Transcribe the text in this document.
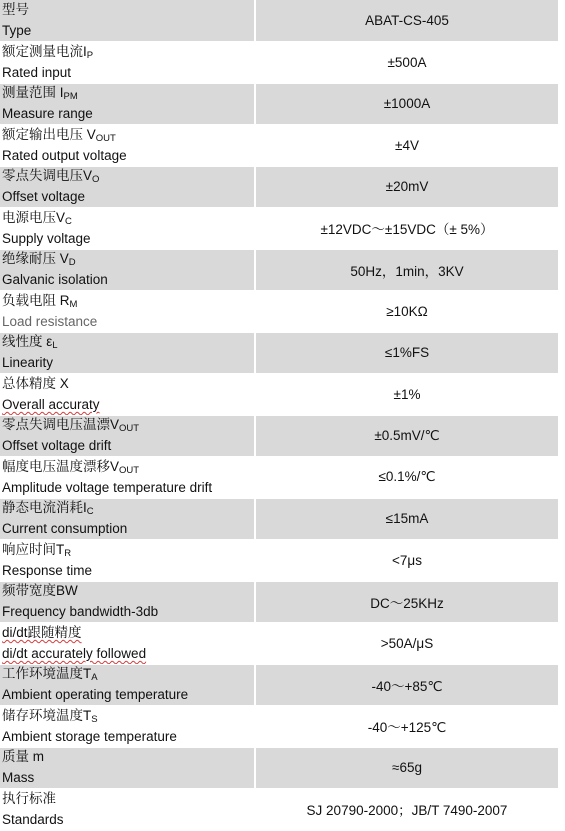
型号
Type	ABAT-CS-405

额定测量电流$I_P$
Rated input	±500A

测量范围 $I_{PM}$
Measure range	±1000A

额定输出电压 $V_{OUT}$
Rated output voltage	±4V

零点失调电压$V_O$
Offset voltage	±20mV

电源电压$V_C$
Supply voltage	±12VDC～±15VDC（± 5%）

绝缘耐压 $V_D$
Galvanic isolation	50Hz，1min，3KV

负载电阻 $R_M$
Load resistance	≥10KΩ

线性度 $\varepsilon_L$
Linearity	≤1%FS

总体精度 X
Overall accuraty	±1%

零点失调电压温漂$V_{OUT}$
Offset voltage drift	±0.5mV/℃

幅度电压温度漂移$V_{OUT}$
Amplitude voltage temperature drift	≤0.1%/℃

静态电流消耗$I_C$
Current consumption	≤15mA

响应时间$T_R$
Response time	<7μs

频带宽度BW
Frequency bandwidth-3db	DC～25KHz

di/dt跟随精度
di/dt accurately followed	>50A/μS

工作环境温度$T_A$
Ambient operating temperature	-40～+85℃

储存环境温度$T_S$
Ambient storage temperature	-40～+125℃

质量 m
Mass	≈65g

执行标准
Standards	SJ 20790-2000；JB/T 7490-2007
